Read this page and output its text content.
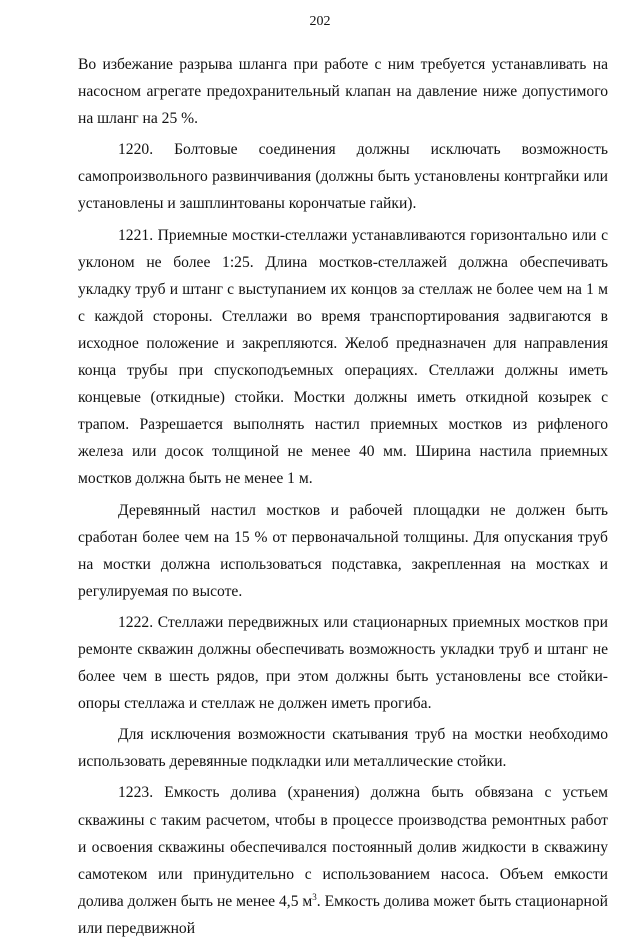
202

Во избежание разрыва шланга при работе с ним требуется устанавливать на насосном агрегате предохранительный клапан на давление ниже допустимого на шланг на 25 %.

1220. Болтовые соединения должны исключать возможность самопроизвольного развинчивания (должны быть установлены контргайки или установлены и зашплинтованы корончатые гайки).

1221. Приемные мостки-стеллажи устанавливаются горизонтально или с уклоном не более 1:25. Длина мостков-стеллажей должна обеспечивать укладку труб и штанг с выступанием их концов за стеллаж не более чем на 1 м с каждой стороны. Стеллажи во время транспортирования задвигаются в исходное положение и закрепляются. Желоб предназначен для направления конца трубы при спускоподъемных операциях. Стеллажи должны иметь концевые (откидные) стойки. Мостки должны иметь откидной козырек с трапом. Разрешается выполнять настил приемных мостков из рифленого железа или досок толщиной не менее 40 мм. Ширина настила приемных мостков должна быть не менее 1 м.

Деревянный настил мостков и рабочей площадки не должен быть сработан более чем на 15 % от первоначальной толщины. Для опускания труб на мостки должна использоваться подставка, закрепленная на мостках и регулируемая по высоте.

1222. Стеллажи передвижных или стационарных приемных мостков при ремонте скважин должны обеспечивать возможность укладки труб и штанг не более чем в шесть рядов, при этом должны быть установлены все стойки-опоры стеллажа и стеллаж не должен иметь прогиба.

Для исключения возможности скатывания труб на мостки необходимо использовать деревянные подкладки или металлические стойки.

1223. Емкость долива (хранения) должна быть обвязана с устьем скважины с таким расчетом, чтобы в процессе производства ремонтных работ и освоения скважины обеспечивался постоянный долив жидкости в скважину самотеком или принудительно с использованием насоса. Объем емкости долива должен быть не менее 4,5 $м^3$. Емкость долива может быть стационарной или передвижной
